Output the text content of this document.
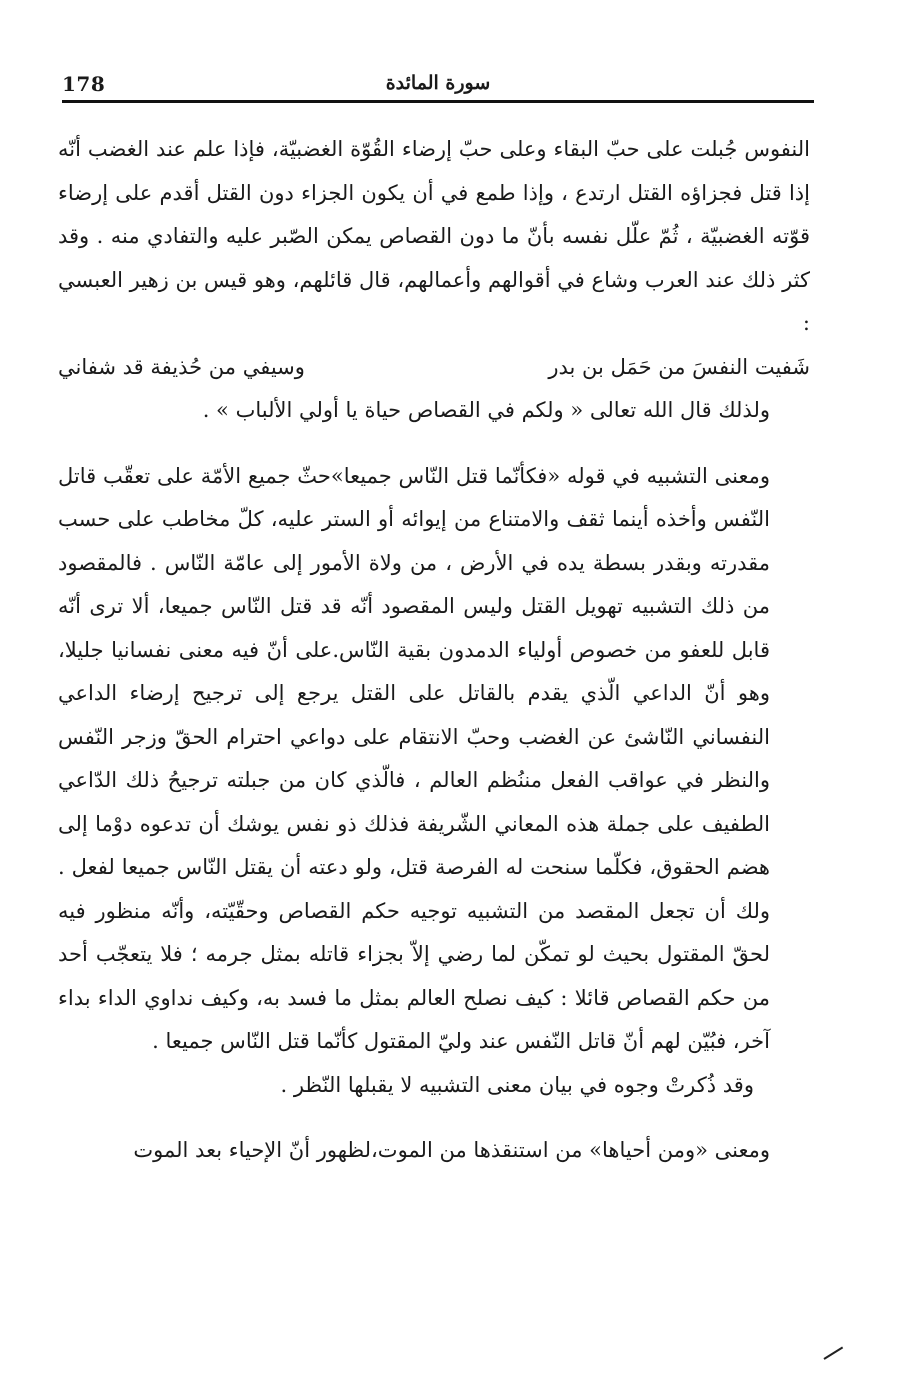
178	سورة المائدة

النفوس جُبلت على حبّ البقاء وعلى حبّ إرضاء القُوّة الغضبيّة، فإذا علم عند الغضب أنّه إذا قتل فجزاؤه القتل ارتدع ، وإذا طمع في أن يكون الجزاء دون القتل أقدم على إرضاء قوّته الغضبيّة ، ثُمّ علّل نفسه بأنّ ما دون القصاص يمكن الصّبر عليه والتفادي منه . وقد كثر ذلك عند العرب وشاع في أقوالهم وأعمالهم، قال قائلهم، وهو قيس بن زهير العبسي :

شَفيت النفسَ من حَمَل بن بدر
وسيفي من حُذيفة قد شفاني

ولذلك قال الله تعالى « ولكم في القصاص حياة يا أولي الألباب » .

ومعنى التشبيه في قوله «فكأنّما قتل النّاس جميعا»حثّ جميع الأمّة على تعقّب قاتل النّفس وأخذه أينما ثقف والامتناع من إيوائه أو الستر عليه، كلّ مخاطب على حسب مقدرته وبقدر بسطة يده في الأرض ، من ولاة الأمور إلى عامّة النّاس . فالمقصود من ذلك التشبيه تهويل القتل وليس المقصود أنّه قد قتل النّاس جميعا، ألا ترى أنّه قابل للعفو من خصوص أولياء الدمدون بقية النّاس.على أنّ فيه معنى نفسانيا جليلا، وهو أنّ الداعي الّذي يقدم بالقاتل على القتل يرجع إلى ترجيح إرضاء الداعي النفساني النّاشئ عن الغضب وحبّ الانتقام على دواعي احترام الحقّ وزجر النّفس والنظر في عواقب الفعل مننُظم العالم ، فالّذي كان من جبلته ترجيحُ ذلك الدّاعي الطفيف على جملة هذه المعاني الشّريفة فذلك ذو نفس يوشك أن تدعوه دوْما إلى هضم الحقوق، فكلّما سنحت له الفرصة قتل، ولو دعته أن يقتل النّاس جميعا لفعل . ولك أن تجعل المقصد من التشبيه توجيه حكم القصاص وحقّيّته، وأنّه منظور فيه لحقّ المقتول بحيث لو تمكّن لما رضي إلاّ بجزاء قاتله بمثل جرمه ؛ فلا يتعجّب أحد من حكم القصاص قائلا : كيف نصلح العالم بمثل ما فسد به، وكيف نداوي الداء بداء آخر، فبُيّن لهم أنّ قاتل النّفس عند وليّ المقتول كأنّما قتل النّاس جميعا .

وقد ذُكرتْ وجوه في بيان معنى التشبيه لا يقبلها النّظر .

ومعنى «ومن أحياها» من استنقذها من الموت،لظهور أنّ الإحياء بعد الموت
